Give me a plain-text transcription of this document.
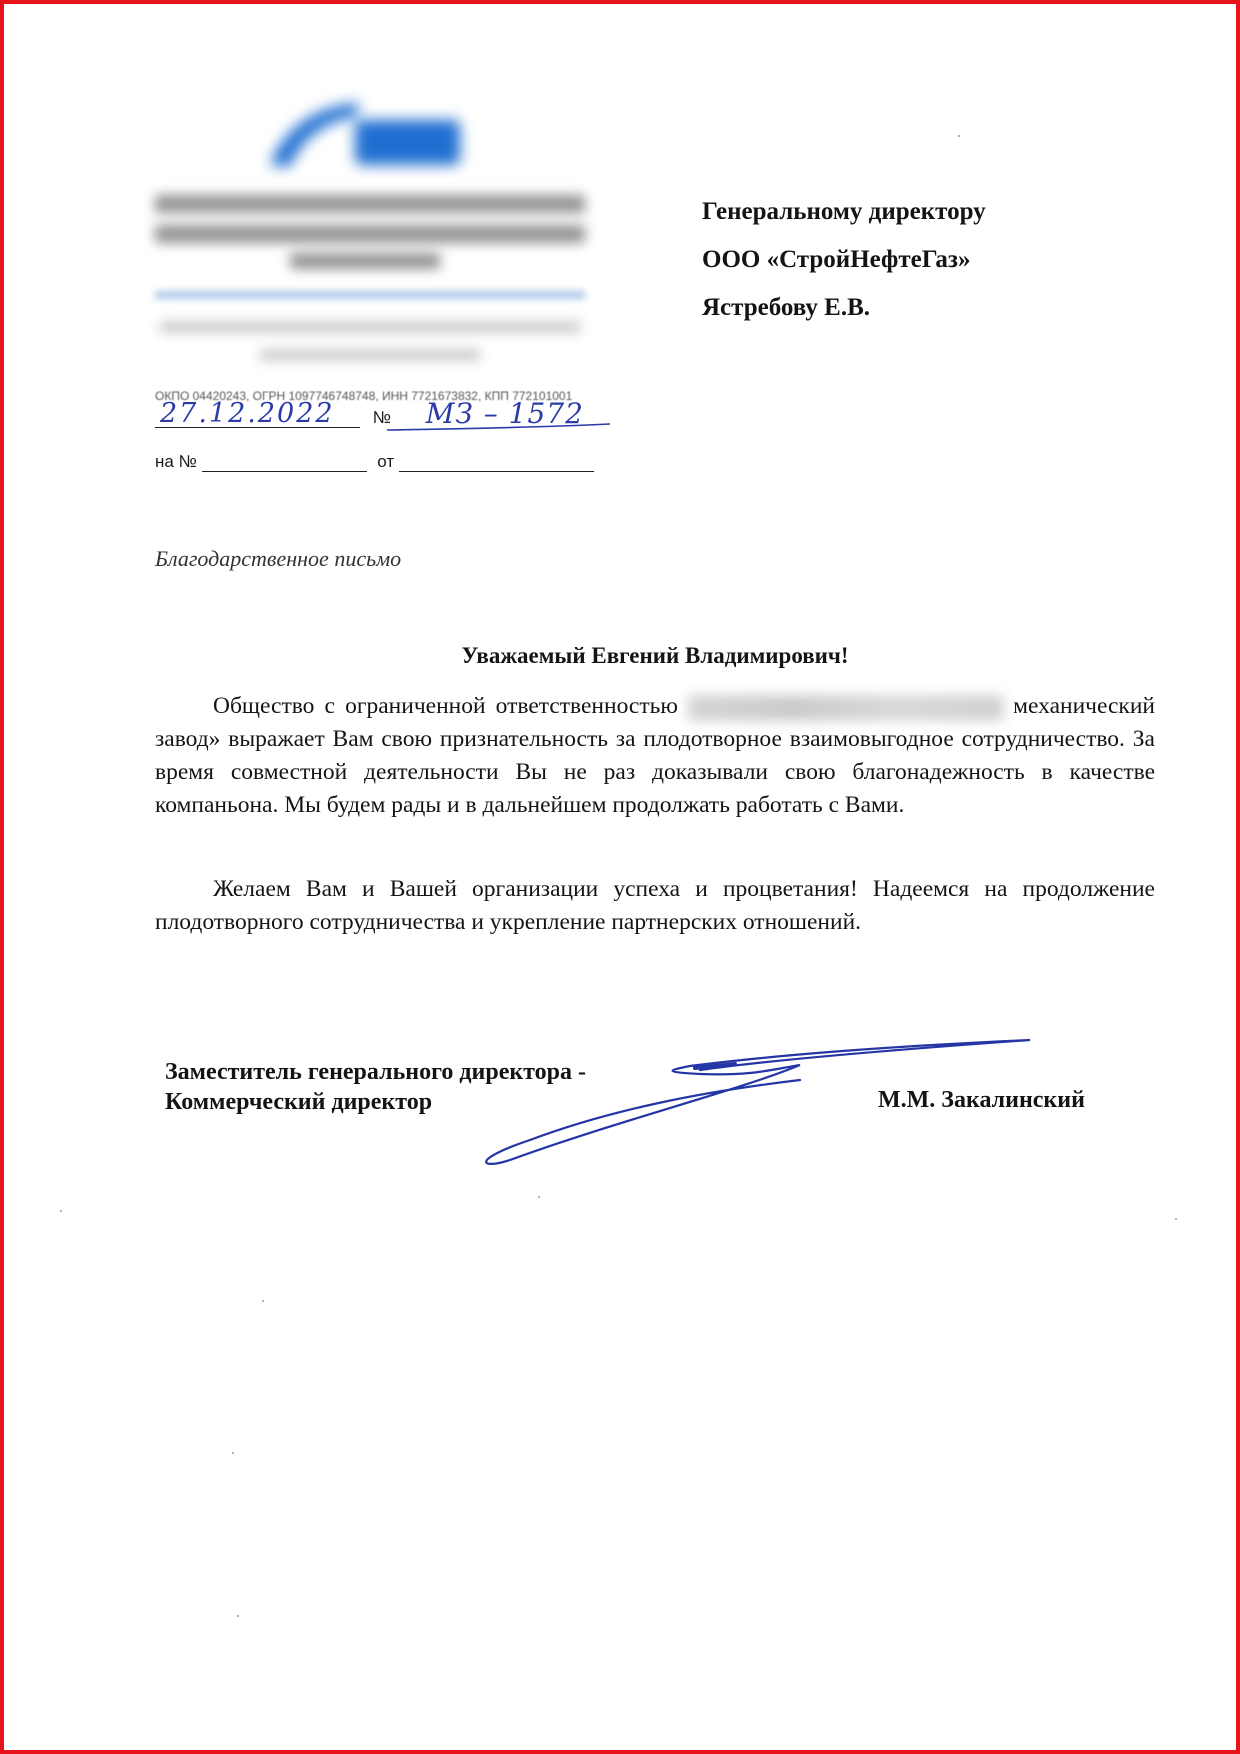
ОКПО 04420243, ОГРН 1097746748748, ИНН 7721673832, КПП 772101001
27.12.2022 № МЗ – 1572
на №	от
Генеральному директору
ООО «СтройНефтеГаз»
Ястребову Е.В.
Благодарственное письмо
Уважаемый Евгений Владимирович!

Общество с ограниченной ответственностью	механический завод» выражает Вам свою признательность за плодотворное взаимовыгодное сотрудничество. За время совместной деятельности Вы не раз доказывали свою благонадежность в качестве компаньона. Мы будем рады и в дальнейшем продолжать работать с Вами.

Желаем Вам и Вашей организации успеха и процветания! Надеемся на продолжение плодотворного сотрудничества и укрепление партнерских отношений.

Заместитель генерального директора -
Коммерческий директор	М.М. Закалинский
